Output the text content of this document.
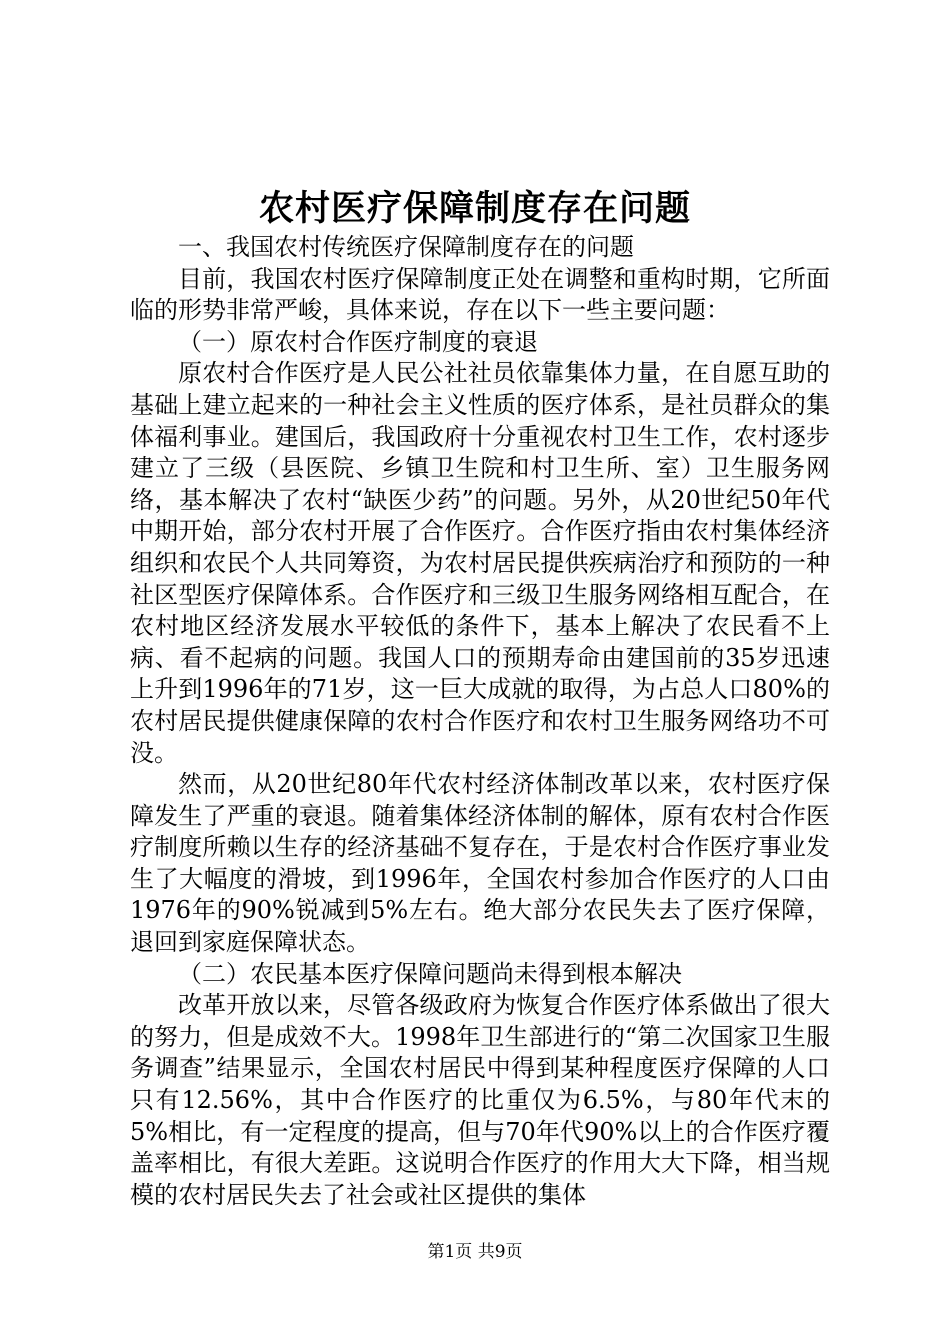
农村医疗保障制度存在问题

一、我国农村传统医疗保障制度存在的问题

目前，我国农村医疗保障制度正处在调整和重构时期，它所面临的形势非常严峻，具体来说，存在以下一些主要问题：

（一）原农村合作医疗制度的衰退

原农村合作医疗是人民公社社员依靠集体力量，在自愿互助的基础上建立起来的一种社会主义性质的医疗体系，是社员群众的集体福利事业。建国后，我国政府十分重视农村卫生工作，农村逐步建立了三级（县医院、乡镇卫生院和村卫生所、室）卫生服务网络，基本解决了农村“缺医少药”的问题。另外，从20世纪50年代中期开始，部分农村开展了合作医疗。合作医疗指由农村集体经济组织和农民个人共同筹资，为农村居民提供疾病治疗和预防的一种社区型医疗保障体系。合作医疗和三级卫生服务网络相互配合，在农村地区经济发展水平较低的条件下，基本上解决了农民看不上病、看不起病的问题。我国人口的预期寿命由建国前的35岁迅速上升到1996年的71岁，这一巨大成就的取得，为占总人口80%的农村居民提供健康保障的农村合作医疗和农村卫生服务网络功不可没。

然而，从20世纪80年代农村经济体制改革以来，农村医疗保障发生了严重的衰退。随着集体经济体制的解体，原有农村合作医疗制度所赖以生存的经济基础不复存在，于是农村合作医疗事业发生了大幅度的滑坡，到1996年，全国农村参加合作医疗的人口由1976年的90%锐减到5%左右。绝大部分农民失去了医疗保障，退回到家庭保障状态。

（二）农民基本医疗保障问题尚未得到根本解决

改革开放以来，尽管各级政府为恢复合作医疗体系做出了很大的努力，但是成效不大。1998年卫生部进行的“第二次国家卫生服务调查”结果显示，全国农村居民中得到某种程度医疗保障的人口只有12.56%，其中合作医疗的比重仅为6.5%，与80年代末的5%相比，有一定程度的提高，但与70年代90%以上的合作医疗覆盖率相比，有很大差距。这说明合作医疗的作用大大下降，相当规模的农村居民失去了社会或社区提供的集体

第1页 共9页
